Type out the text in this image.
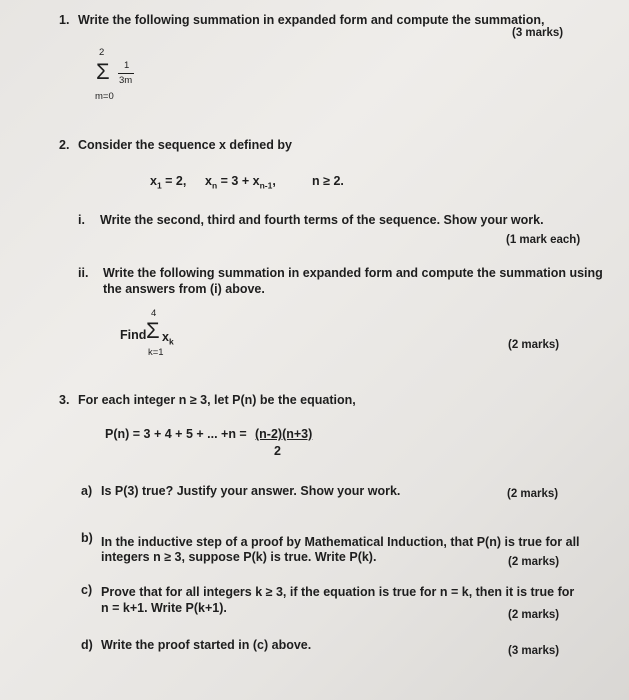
1. Write the following summation in expanded form and compute the summation,
(3 marks)
2
Σ 1
3m
m=0
2. Consider the sequence x defined by
$x_1 = 2$, $x_n = 3 + x_{n-1}$,	n ≥ 2.
i. Write the second, third and fourth terms of the sequence. Show your work.
(1 mark each)
ii. Write the following summation in expanded form and compute the summation using
the answers from (i) above.
Find
4
Σ $x_k$
k=1
(2 marks)
3. For each integer n ≥ 3, let P(n) be the equation,
P(n) = 3 + 4 + 5 + ... +n = (n-2)(n+3)
2
a) Is P(3) true? Justify your answer. Show your work.	(2 marks)
b) In the inductive step of a proof by Mathematical Induction, that P(n) is true for all
integers n ≥ 3, suppose P(k) is true. Write P(k).	(2 marks)
c) Prove that for all integers k ≥ 3, if the equation is true for n = k, then it is true for
n = k+1. Write P(k+1).	(2 marks)
d) Write the proof started in (c) above.	(3 marks)
